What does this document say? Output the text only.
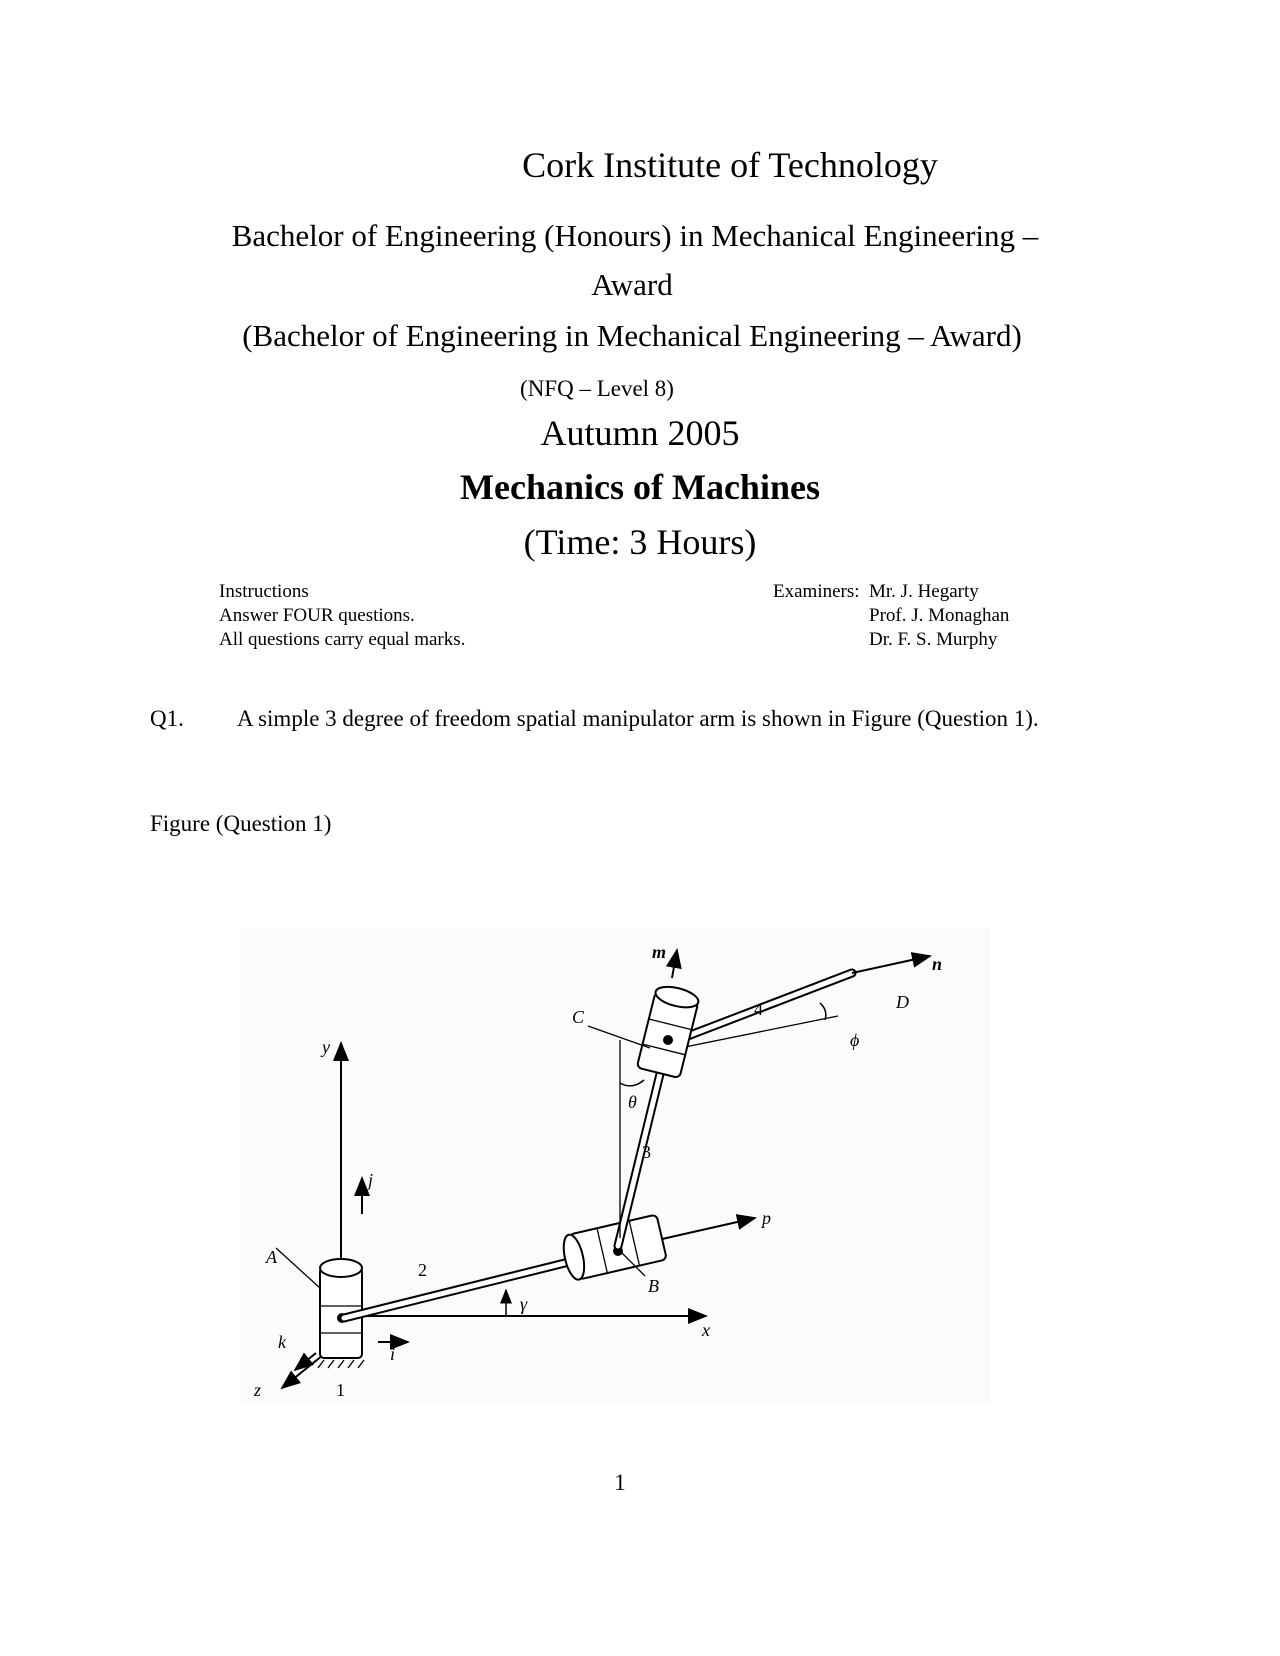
Cork Institute of Technology
Bachelor of Engineering (Honours) in Mechanical Engineering –
Award
(Bachelor of Engineering in Mechanical Engineering – Award)
(NFQ – Level 8)
Autumn 2005
Mechanics of Machines
(Time: 3 Hours)
Instructions
Answer FOUR questions.
All questions carry equal marks.
Examiners: Mr. J. Hegarty
Prof. J. Monaghan
Dr. F. S. Murphy
Q1. A simple 3 degree of freedom spatial manipulator arm is shown in Figure (Question 1).
Figure (Question 1)
y
x
z
j
i
k
m
n
p
A
B
C
D
γ
θ
ϕ
1
2
3
4
1
